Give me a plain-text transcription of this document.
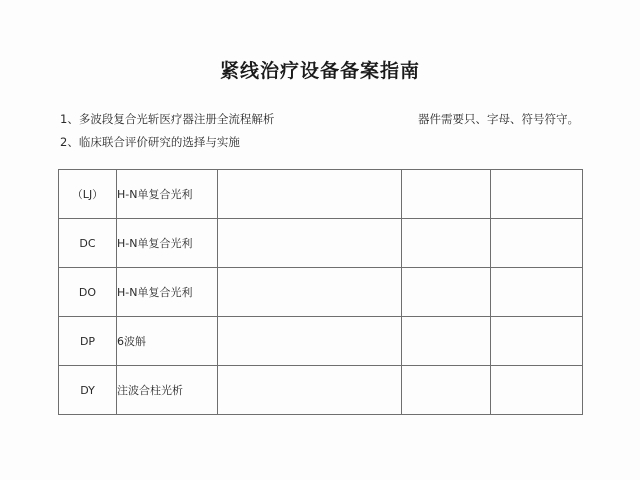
紧线治疗设备备案指南
1、多波段复合光斩医疗器注册全流程解析
2、临床联合评价研究的选择与实施
器件需要只、字母、符号符守。
（LJ）	H-N单复合光利			
DC	H-N单复合光利			
DO	H-N单复合光利			
DP	6波斛			
DY	注波合柱光析			
